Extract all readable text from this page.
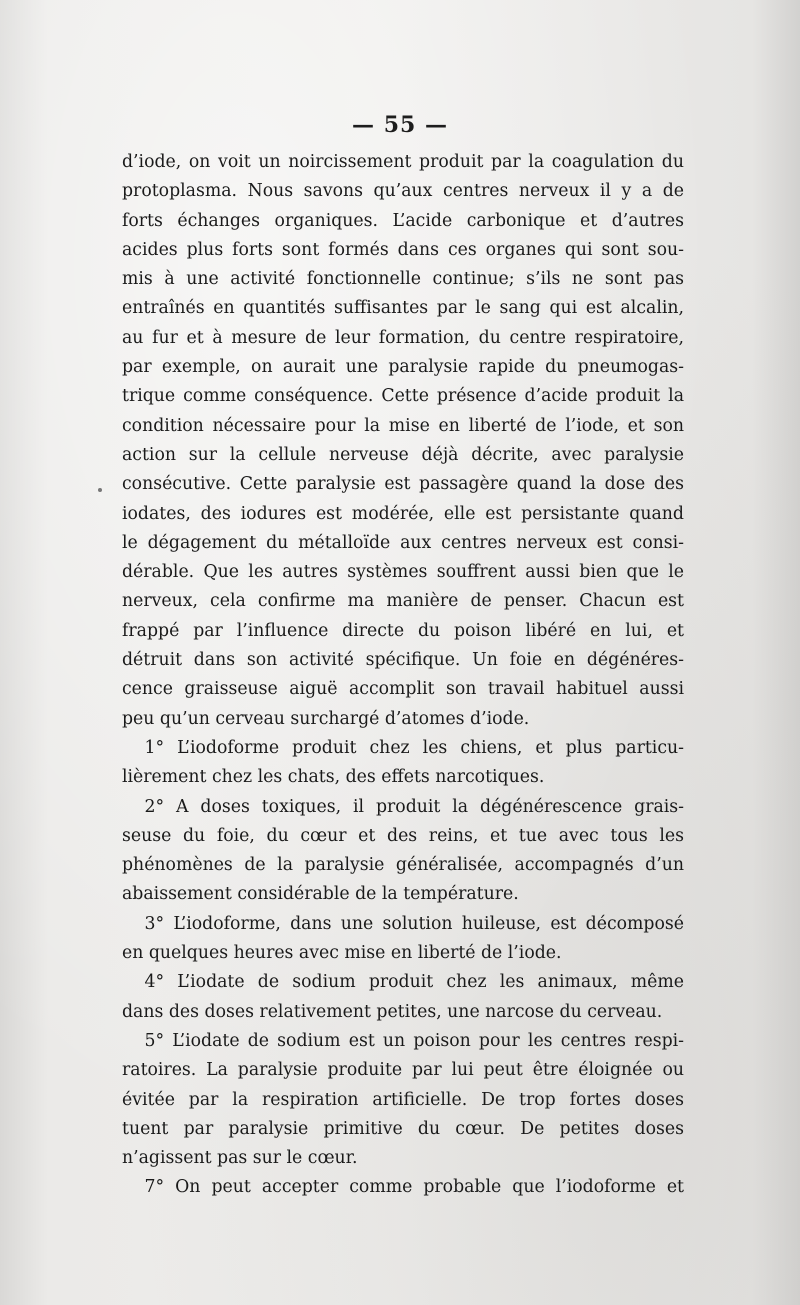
— 55 —
d’iode, on voit un noircissement produit par la coagulation du
protoplasma. Nous savons qu’aux centres nerveux il y a de
forts échanges organiques. L’acide carbonique et d’autres
acides plus forts sont formés dans ces organes qui sont sou-
mis à une activité fonctionnelle continue; s’ils ne sont pas
entraînés en quantités suffisantes par le sang qui est alcalin,
au fur et à mesure de leur formation, du centre respiratoire,
par exemple, on aurait une paralysie rapide du pneumogas-
trique comme conséquence. Cette présence d’acide produit la
condition nécessaire pour la mise en liberté de l’iode, et son
action sur la cellule nerveuse déjà décrite, avec paralysie
consécutive. Cette paralysie est passagère quand la dose des
iodates, des iodures est modérée, elle est persistante quand
le dégagement du métalloïde aux centres nerveux est consi-
dérable. Que les autres systèmes souffrent aussi bien que le
nerveux, cela confirme ma manière de penser. Chacun est
frappé par l’influence directe du poison libéré en lui, et
détruit dans son activité spécifique. Un foie en dégénéres-
cence graisseuse aiguë accomplit son travail habituel aussi
peu qu’un cerveau surchargé d’atomes d’iode.
1° L’iodoforme produit chez les chiens, et plus particu-
lièrement chez les chats, des effets narcotiques.
2° A doses toxiques, il produit la dégénérescence grais-
seuse du foie, du cœur et des reins, et tue avec tous les
phénomènes de la paralysie généralisée, accompagnés d’un
abaissement considérable de la température.
3° L’iodoforme, dans une solution huileuse, est décomposé
en quelques heures avec mise en liberté de l’iode.
4° L’iodate de sodium produit chez les animaux, même
dans des doses relativement petites, une narcose du cerveau.
5° L’iodate de sodium est un poison pour les centres respi-
ratoires. La paralysie produite par lui peut être éloignée ou
évitée par la respiration artificielle. De trop fortes doses
tuent par paralysie primitive du cœur. De petites doses
n’agissent pas sur le cœur.
7° On peut accepter comme probable que l’iodoforme et
